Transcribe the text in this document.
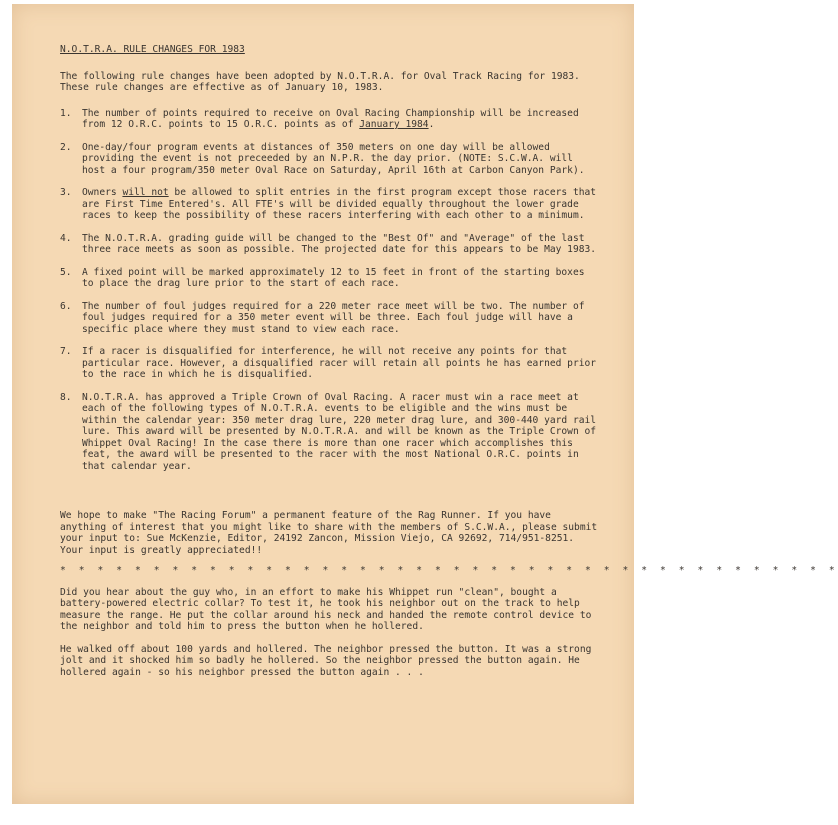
N.O.T.R.A. RULE CHANGES FOR 1983

The following rule changes have been adopted by N.O.T.R.A. for Oval Track Racing for 1983. These rule changes are effective as of January 10, 1983.

1. The number of points required to receive on Oval Racing Championship will be increased from 12 O.R.C. points to 15 O.R.C. points as of January 1984.
2. One-day/four program events at distances of 350 meters on one day will be allowed providing the event is not preceeded by an N.P.R. the day prior. (NOTE: S.C.W.A. will host a four program/350 meter Oval Race on Saturday, April 16th at Carbon Canyon Park).
3. Owners will not be allowed to split entries in the first program except those racers that are First Time Entered's. All FTE's will be divided equally throughout the lower grade races to keep the possibility of these racers interfering with each other to a minimum.
4. The N.O.T.R.A. grading guide will be changed to the "Best Of" and "Average" of the last three race meets as soon as possible. The projected date for this appears to be May 1983.
5. A fixed point will be marked approximately 12 to 15 feet in front of the starting boxes to place the drag lure prior to the start of each race.
6. The number of foul judges required for a 220 meter race meet will be two. The number of foul judges required for a 350 meter event will be three. Each foul judge will have a specific place where they must stand to view each race.
7. If a racer is disqualified for interference, he will not receive any points for that particular race. However, a disqualified racer will retain all points he has earned prior to the race in which he is disqualified.
8. N.O.T.R.A. has approved a Triple Crown of Oval Racing. A racer must win a race meet at each of the following types of N.O.T.R.A. events to be eligible and the wins must be within the calendar year: 350 meter drag lure, 220 meter drag lure, and 300-440 yard rail lure. This award will be presented by N.O.T.R.A. and will be known as the Triple Crown of Whippet Oval Racing! In the case there is more than one racer which accomplishes this feat, the award will be presented to the racer with the most National O.R.C. points in that calendar year.

We hope to make "The Racing Forum" a permanent feature of the Rag Runner. If you have anything of interest that you might like to share with the members of S.C.W.A., please submit your input to: Sue McKenzie, Editor, 24192 Zancon, Mission Viejo, CA 92692, 714/951-8251. Your input is greatly appreciated!!

* * * * * * * * * * * * * * * * * * * * * * * * * * * * * * * * * * * * * * * * * *

Did you hear about the guy who, in an effort to make his Whippet run "clean", bought a battery-powered electric collar? To test it, he took his neighbor out on the track to help measure the range. He put the collar around his neck and handed the remote control device to the neighbor and told him to press the button when he hollered.

He walked off about 100 yards and hollered. The neighbor pressed the button. It was a strong jolt and it shocked him so badly he hollered. So the neighbor pressed the button again. He hollered again - so his neighbor pressed the button again . . .
